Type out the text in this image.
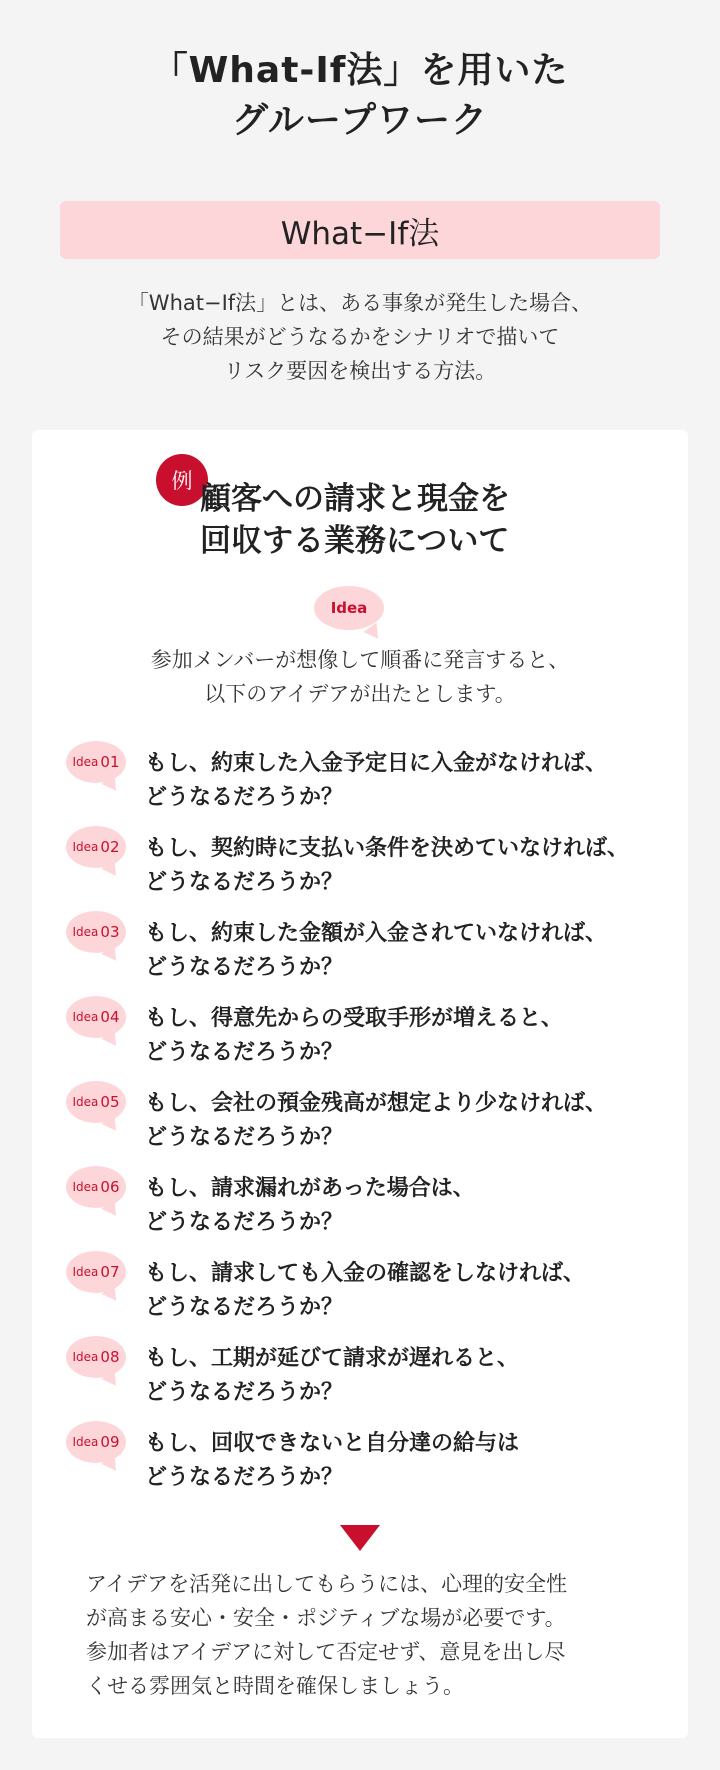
「What-If法」を用いた
グループワーク
What−If法

「What−If法」とは、ある事象が発生した場合、
その結果がどうなるかをシナリオで描いて
リスク要因を検出する方法。

例 顧客への請求と現金を
回収する業務について
Idea

参加メンバーが想像して順番に発言すると、
以下のアイデアが出たとします。

Idea 01 もし、約束した入金予定日に入金がなければ、
どうなるだろうか？
Idea 02 もし、契約時に支払い条件を決めていなければ、
どうなるだろうか？
Idea 03 もし、約束した金額が入金されていなければ、
どうなるだろうか？
Idea 04 もし、得意先からの受取手形が増えると、
どうなるだろうか？
Idea 05 もし、会社の預金残高が想定より少なければ、
どうなるだろうか？
Idea 06 もし、請求漏れがあった場合は、
どうなるだろうか？
Idea 07 もし、請求しても入金の確認をしなければ、
どうなるだろうか？
Idea 08 もし、工期が延びて請求が遅れると、
どうなるだろうか？
Idea 09 もし、回収できないと自分達の給与は
どうなるだろうか？

アイデアを活発に出してもらうには、心理的安全性
が高まる安心・安全・ポジティブな場が必要です。
参加者はアイデアに対して否定せず、意見を出し尽
くせる雰囲気と時間を確保しましょう。
